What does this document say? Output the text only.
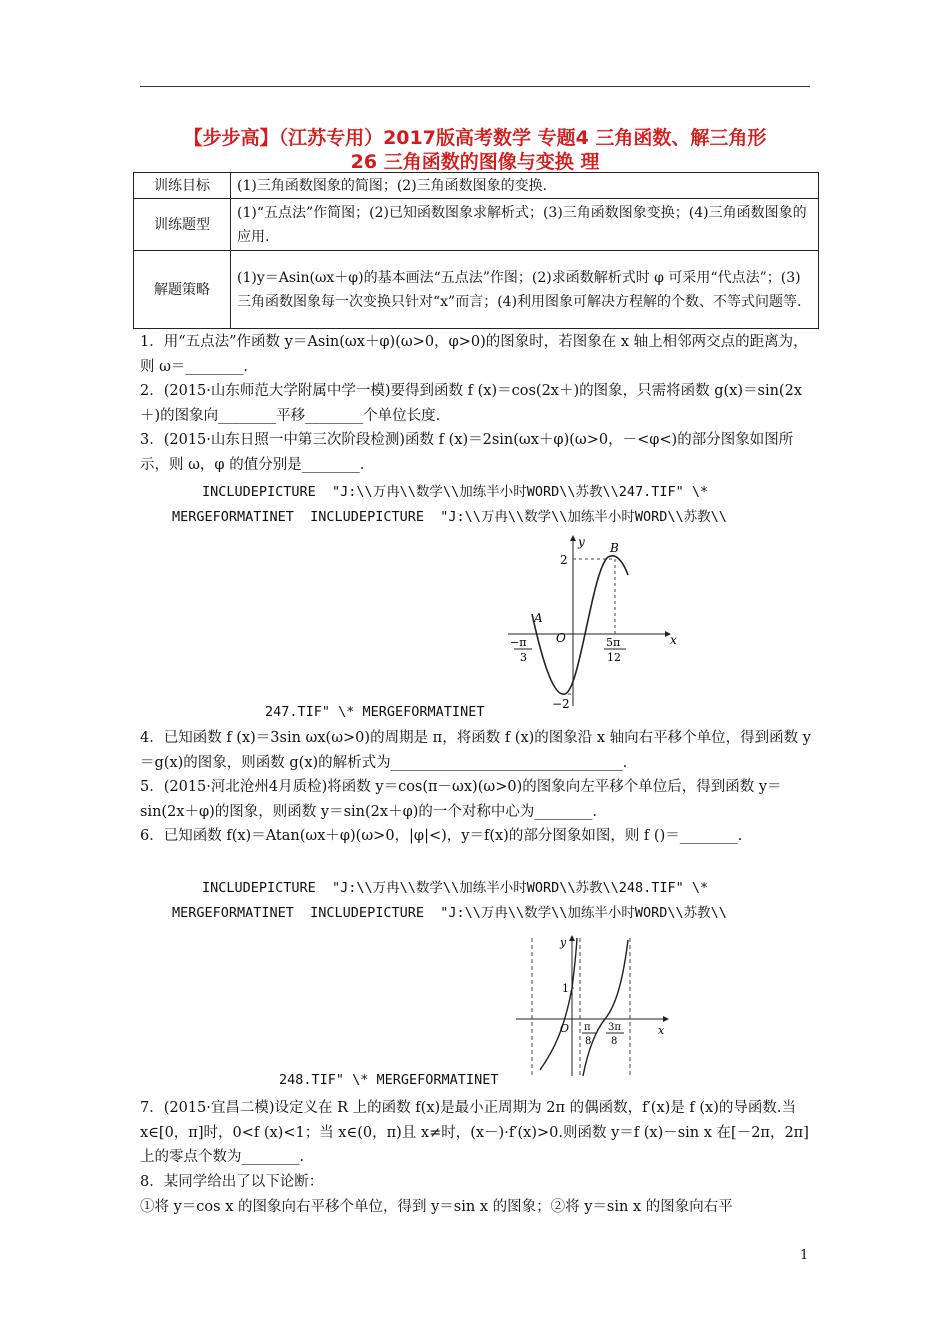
【步步高】（江苏专用）2017版高考数学 专题4 三角函数、解三角形
26 三角函数的图像与变换 理
训练目标	(1)三角函数图象的简图；(2)三角函数图象的变换.
训练题型	(1)“五点法”作简图；(2)已知函数图象求解析式；(3)三角函数图象变换；(4)三角函数图象的应用.
解题策略	(1)y＝Asin(ωx＋φ)的基本画法“五点法”作图；(2)求函数解析式时 φ 可采用“代点法”；(3)三角函数图象每一次变换只针对“x”而言；(4)利用图象可解决方程解的个数、不等式问题等.
1．用“五点法”作函数 y＝Asin(ωx＋φ)(ω>0，φ>0)的图象时，若图象在 x 轴上相邻两交点的距离为，则 ω＝________.
2．(2015·山东师范大学附属中学一模)要得到函数 f (x)＝cos(2x＋)的图象，只需将函数 g(x)＝sin(2x＋)的图象向________平移________个单位长度.
3．(2015·山东日照一中第三次阶段检测)函数 f (x)＝2sin(ωx＋φ)(ω>0，－<φ<)的部分图象如图所示，则 ω，φ 的值分别是________.
INCLUDEPICTURE  "J:\\万冉\\数学\\加练半小时WORD\\苏教\\247.TIF" \*
MERGEFORMATINET  INCLUDEPICTURE  "J:\\万冉\\数学\\加练半小时WORD\\苏教\\
y
x
2
−2
B
A
O
−π
3
5π
12
247.TIF" \* MERGEFORMATINET
4．已知函数 f (x)＝3sin ωx(ω>0)的周期是 π，将函数 f (x)的图象沿 x 轴向右平移个单位，得到函数 y＝g(x)的图象，则函数 g(x)的解析式为________________________________.
5．(2015·河北沧州4月质检)将函数 y＝cos(π－ωx)(ω>0)的图象向左平移个单位后，得到函数 y＝sin(2x＋φ)的图象，则函数 y＝sin(2x＋φ)的一个对称中心为________.
6．已知函数 f(x)＝Atan(ωx＋φ)(ω>0，|φ|<)，y＝f(x)的部分图象如图，则 f ()＝________.
INCLUDEPICTURE  "J:\\万冉\\数学\\加练半小时WORD\\苏教\\248.TIF" \*
MERGEFORMATINET  INCLUDEPICTURE  "J:\\万冉\\数学\\加练半小时WORD\\苏教\\
y
x
1
O π
8
3π
8
248.TIF" \* MERGEFORMATINET
7．(2015·宜昌二模)设定义在 R 上的函数 f(x)是最小正周期为 2π 的偶函数，f′(x)是 f (x)的导函数.当 x∈[0，π]时，0<f (x)<1；当 x∈(0，π)且 x≠时，(x－)·f′(x)>0.则函数 y＝f (x)－sin x 在[－2π，2π]上的零点个数为________.
8．某同学给出了以下论断：
①将 y＝cos x 的图象向右平移个单位，得到 y＝sin x 的图象；②将 y＝sin x 的图象向右平
1
